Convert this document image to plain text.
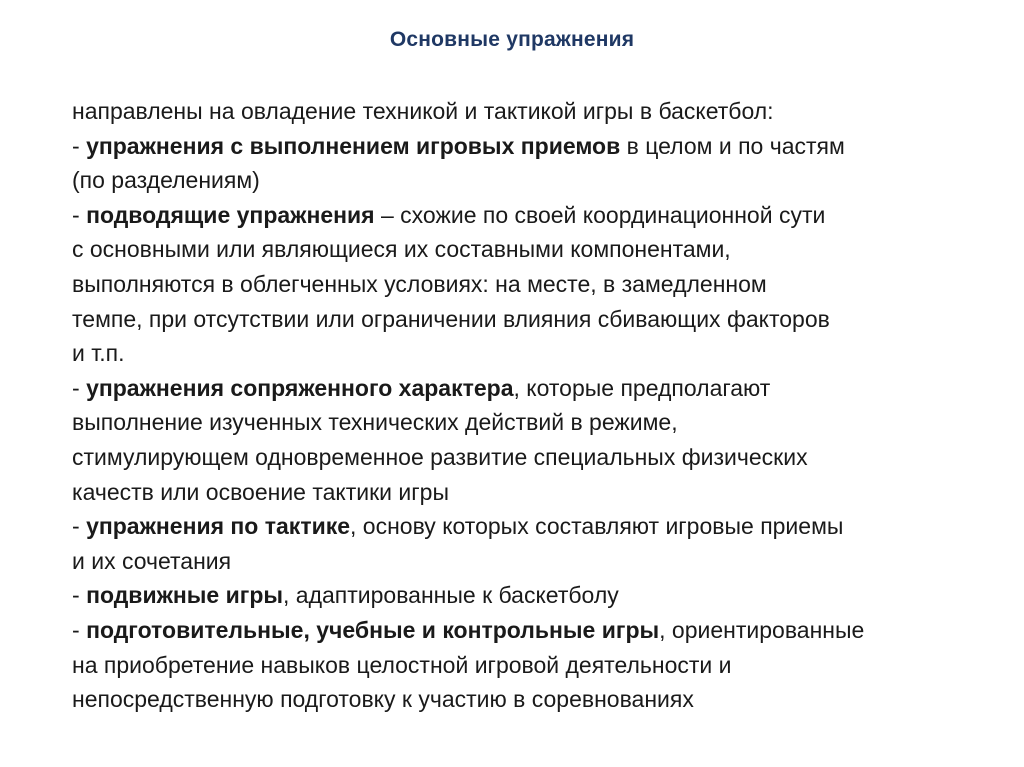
Основные упражнения
направлены на овладение техникой и тактикой игры в баскетбол:
- упражнения с выполнением игровых приемов в целом и по частям
(по разделениям)
- подводящие упражнения – схожие по своей координационной сути
с основными или являющиеся их составными компонентами,
выполняются в облегченных условиях: на месте, в замедленном
темпе, при отсутствии или ограничении влияния сбивающих факторов
и т.п.
- упражнения сопряженного характера, которые предполагают
выполнение изученных технических действий в режиме,
стимулирующем одновременное развитие специальных физических
качеств или освоение тактики игры
- упражнения по тактике, основу которых составляют игровые приемы
и их сочетания
- подвижные игры, адаптированные к баскетболу
- подготовительные, учебные и контрольные игры, ориентированные
на приобретение навыков целостной игровой деятельности и
непосредственную подготовку к участию в соревнованиях
